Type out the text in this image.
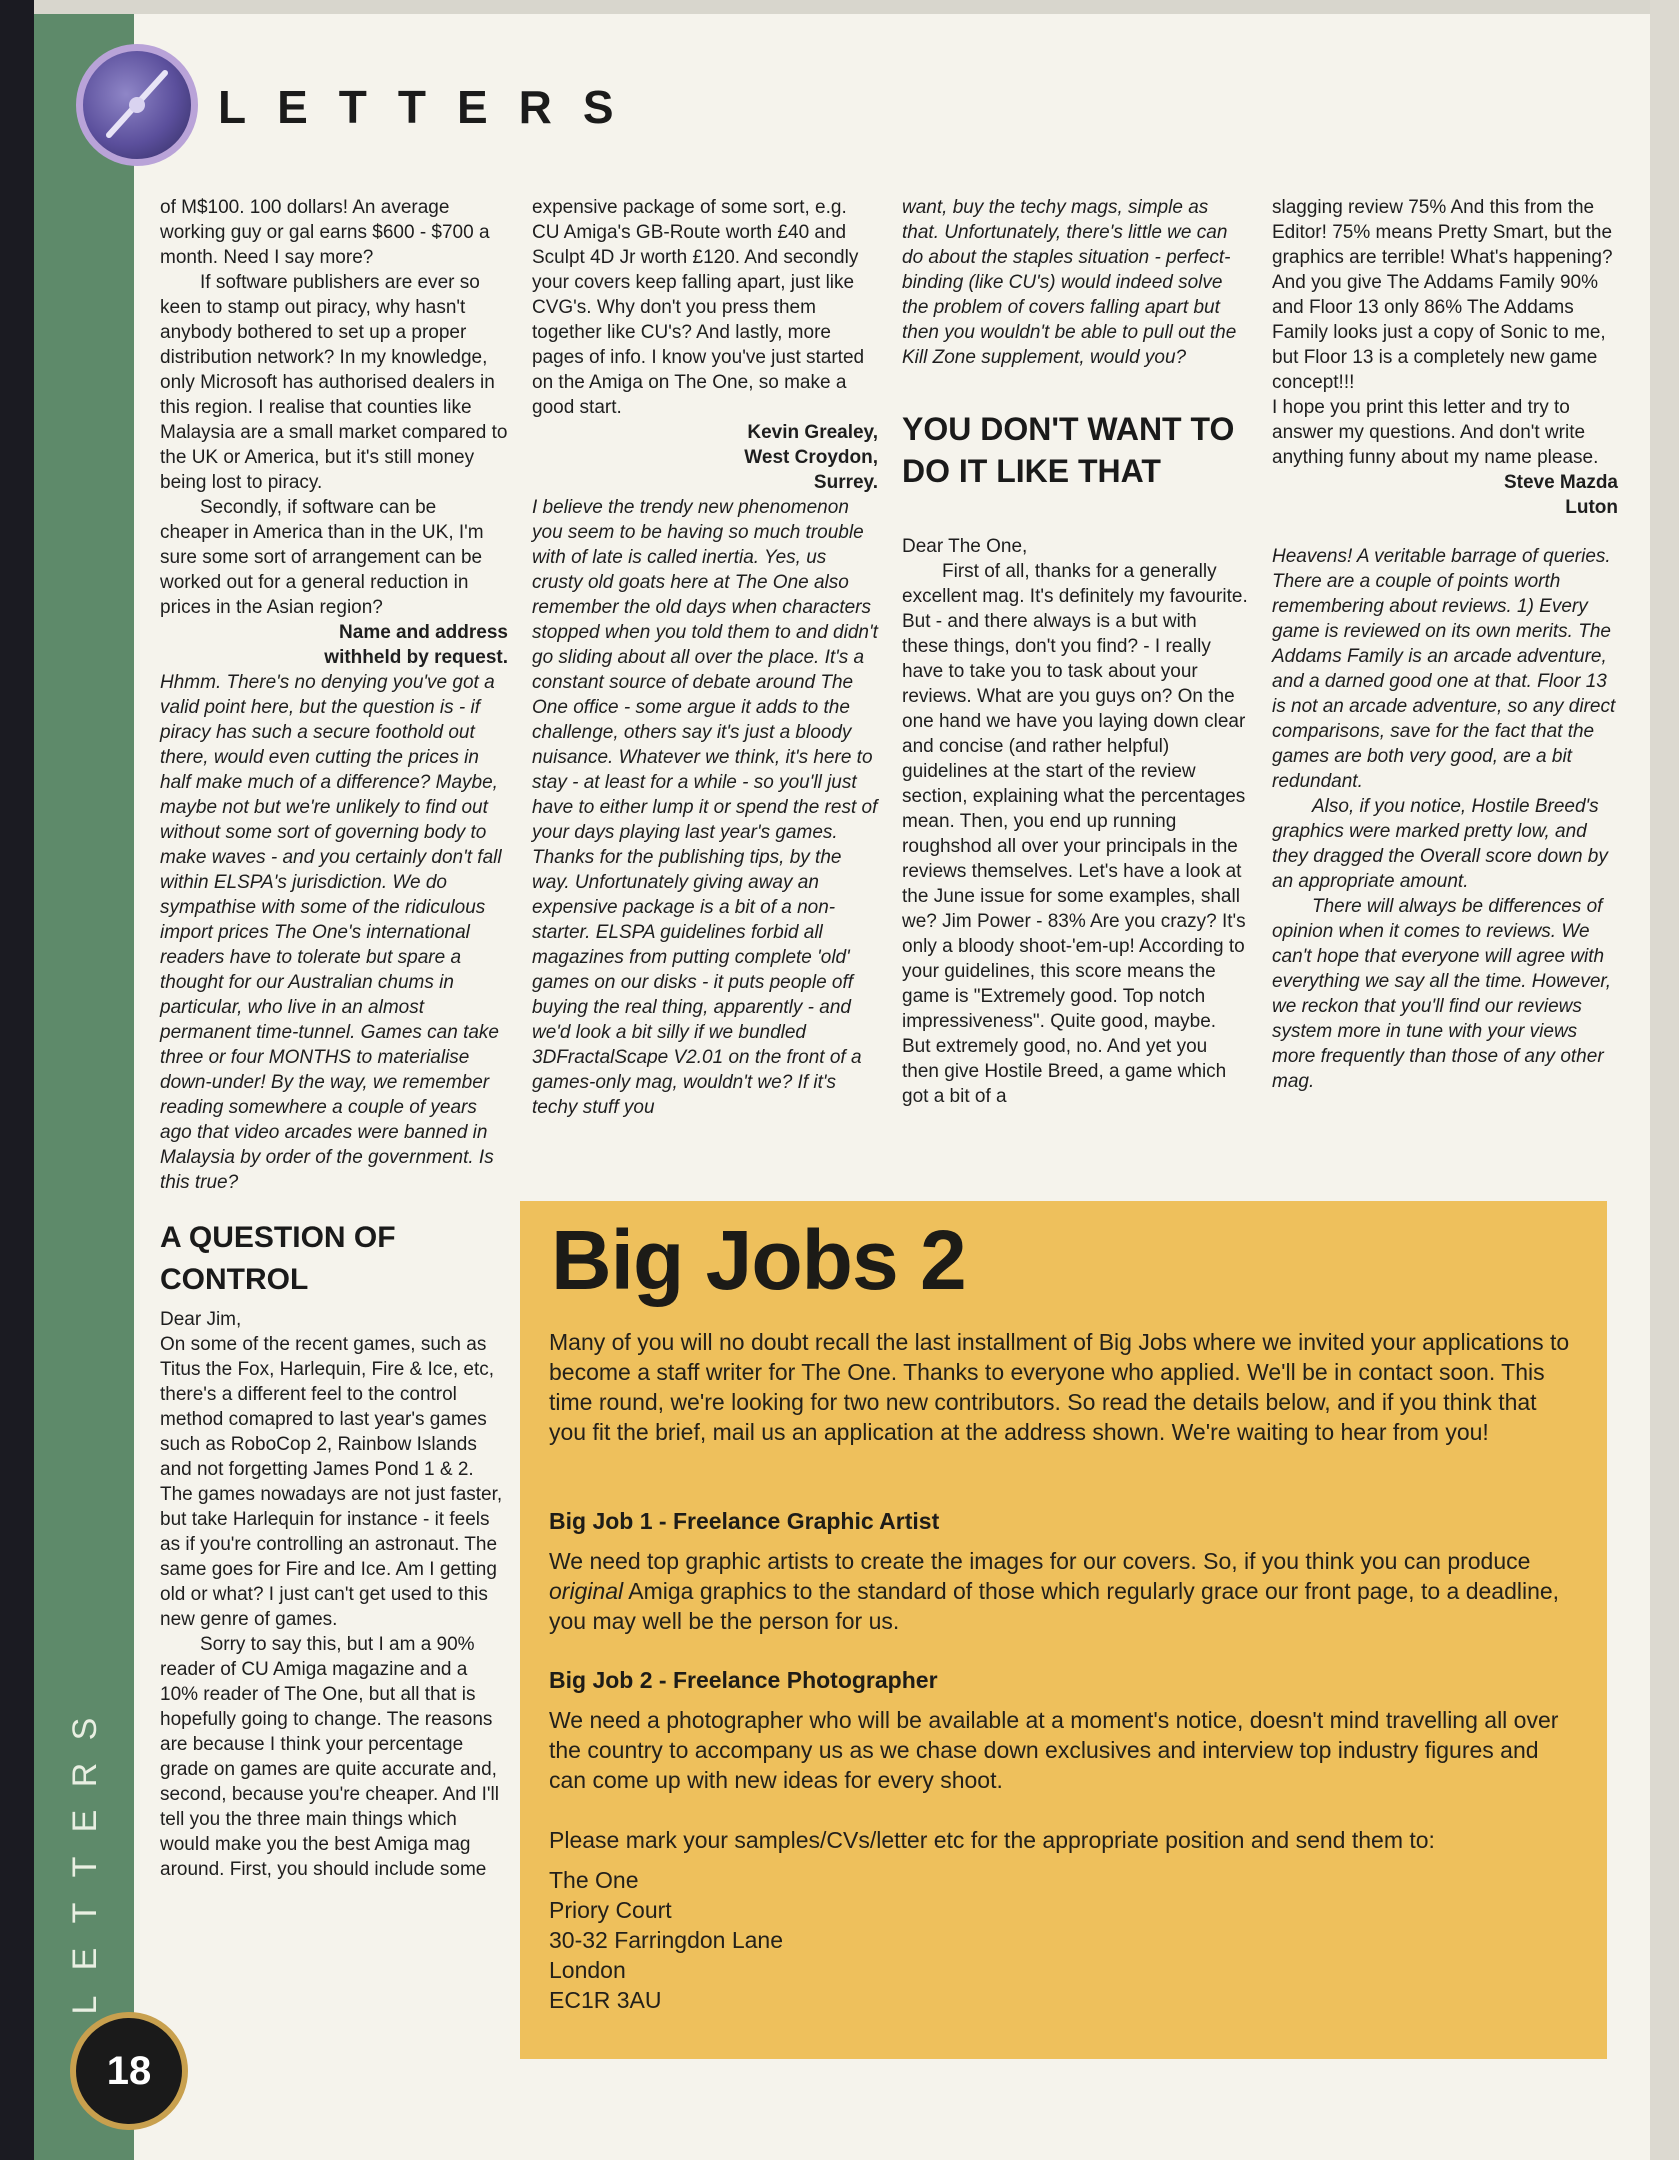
LETTERS
S
R
E
T
T
E
L
18

of M$100. 100 dollars! An average working guy or gal earns $600 - $700 a month. Need I say more?

If software publishers are ever so keen to stamp out piracy, why hasn't anybody bothered to set up a proper distribution network? In my knowledge, only Microsoft has authorised dealers in this region. I realise that counties like Malaysia are a small market compared to the UK or America, but it's still money being lost to piracy.

Secondly, if software can be cheaper in America than in the UK, I'm sure some sort of arrangement can be worked out for a general reduction in prices in the Asian region?

Name and address

withheld by request.

Hhmm. There's no denying you've got a valid point here, but the question is - if piracy has such a secure foothold out there, would even cutting the prices in half make much of a difference? Maybe, maybe not but we're unlikely to find out without some sort of governing body to make waves - and you certainly don't fall within ELSPA's jurisdiction. We do sympathise with some of the ridiculous import prices The One's international readers have to tolerate but spare a thought for our Australian chums in particular, who live in an almost permanent time-tunnel. Games can take three or four MONTHS to materialise down-under! By the way, we remember reading somewhere a couple of years ago that video arcades were banned in Malaysia by order of the government. Is this true?

A QUESTION OF CONTROL

Dear Jim,

On some of the recent games, such as Titus the Fox, Harlequin, Fire & Ice, etc, there's a different feel to the control method comapred to last year's games such as RoboCop 2, Rainbow Islands and not forgetting James Pond 1 & 2. The games nowadays are not just faster, but take Harlequin for instance - it feels as if you're controlling an astronaut. The same goes for Fire and Ice. Am I getting old or what? I just can't get used to this new genre of games.

Sorry to say this, but I am a 90% reader of CU Amiga magazine and a 10% reader of The One, but all that is hopefully going to change. The reasons are because I think your percentage grade on games are quite accurate and, second, because you're cheaper. And I'll tell you the three main things which would make you the best Amiga mag around. First, you should include some

expensive package of some sort, e.g. CU Amiga's GB-Route worth £40 and Sculpt 4D Jr worth £120. And secondly your covers keep falling apart, just like CVG's. Why don't you press them together like CU's? And lastly, more pages of info. I know you've just started on the Amiga on The One, so make a good start.

Kevin Grealey,

West Croydon,

Surrey.

I believe the trendy new phenomenon you seem to be having so much trouble with of late is called inertia. Yes, us crusty old goats here at The One also remember the old days when characters stopped when you told them to and didn't go sliding about all over the place. It's a constant source of debate around The One office - some argue it adds to the challenge, others say it's just a bloody nuisance. Whatever we think, it's here to stay - at least for a while - so you'll just have to either lump it or spend the rest of your days playing last year's games. Thanks for the publishing tips, by the way. Unfortunately giving away an expensive package is a bit of a non-starter. ELSPA guidelines forbid all magazines from putting complete 'old' games on our disks - it puts people off buying the real thing, apparently - and we'd look a bit silly if we bundled 3DFractalScape V2.01 on the front of a games-only mag, wouldn't we? If it's techy stuff you

want, buy the techy mags, simple as that. Unfortunately, there's little we can do about the staples situation - perfect-binding (like CU's) would indeed solve the problem of covers falling apart but then you wouldn't be able to pull out the Kill Zone supplement, would you?

YOU DON'T WANT TO DO IT LIKE THAT

Dear The One,

First of all, thanks for a generally excellent mag. It's definitely my favourite. But - and there always is a but with these things, don't you find? - I really have to take you to task about your reviews. What are you guys on? On the one hand we have you laying down clear and concise (and rather helpful) guidelines at the start of the review section, explaining what the percentages mean. Then, you end up running roughshod all over your principals in the reviews themselves. Let's have a look at the June issue for some examples, shall we? Jim Power - 83% Are you crazy? It's only a bloody shoot-'em-up! According to your guidelines, this score means the game is "Extremely good. Top notch impressiveness". Quite good, maybe. But extremely good, no. And yet you then give Hostile Breed, a game which got a bit of a

slagging review 75% And this from the Editor! 75% means Pretty Smart, but the graphics are terrible! What's happening? And you give The Addams Family 90% and Floor 13 only 86% The Addams Family looks just a copy of Sonic to me, but Floor 13 is a completely new game concept!!!

I hope you print this letter and try to answer my questions. And don't write anything funny about my name please.

Steve Mazda

Luton

Heavens! A veritable barrage of queries. There are a couple of points worth remembering about reviews. 1) Every game is reviewed on its own merits. The Addams Family is an arcade adventure, and a darned good one at that. Floor 13 is not an arcade adventure, so any direct comparisons, save for the fact that the games are both very good, are a bit redundant.

Also, if you notice, Hostile Breed's graphics were marked pretty low, and they dragged the Overall score down by an appropriate amount.

There will always be differences of opinion when it comes to reviews. We can't hope that everyone will agree with everything we say all the time. However, we reckon that you'll find our reviews system more in tune with your views more frequently than those of any other mag.

Big Jobs 2

Many of you will no doubt recall the last installment of Big Jobs where we invited your applications to become a staff writer for The One. Thanks to everyone who applied. We'll be in contact soon. This time round, we're looking for two new contributors. So read the details below, and if you think that you fit the brief, mail us an application at the address shown. We're waiting to hear from you!

Big Job 1 - Freelance Graphic Artist

We need top graphic artists to create the images for our covers. So, if you think you can produce original Amiga graphics to the standard of those which regularly grace our front page, to a deadline, you may well be the person for us.

Big Job 2 - Freelance Photographer

We need a photographer who will be available at a moment's notice, doesn't mind travelling all over the country to accompany us as we chase down exclusives and interview top industry figures and can come up with new ideas for every shoot.

Please mark your samples/CVs/letter etc for the appropriate position and send them to:

The One
Priory Court
30-32 Farringdon Lane
London
EC1R 3AU
